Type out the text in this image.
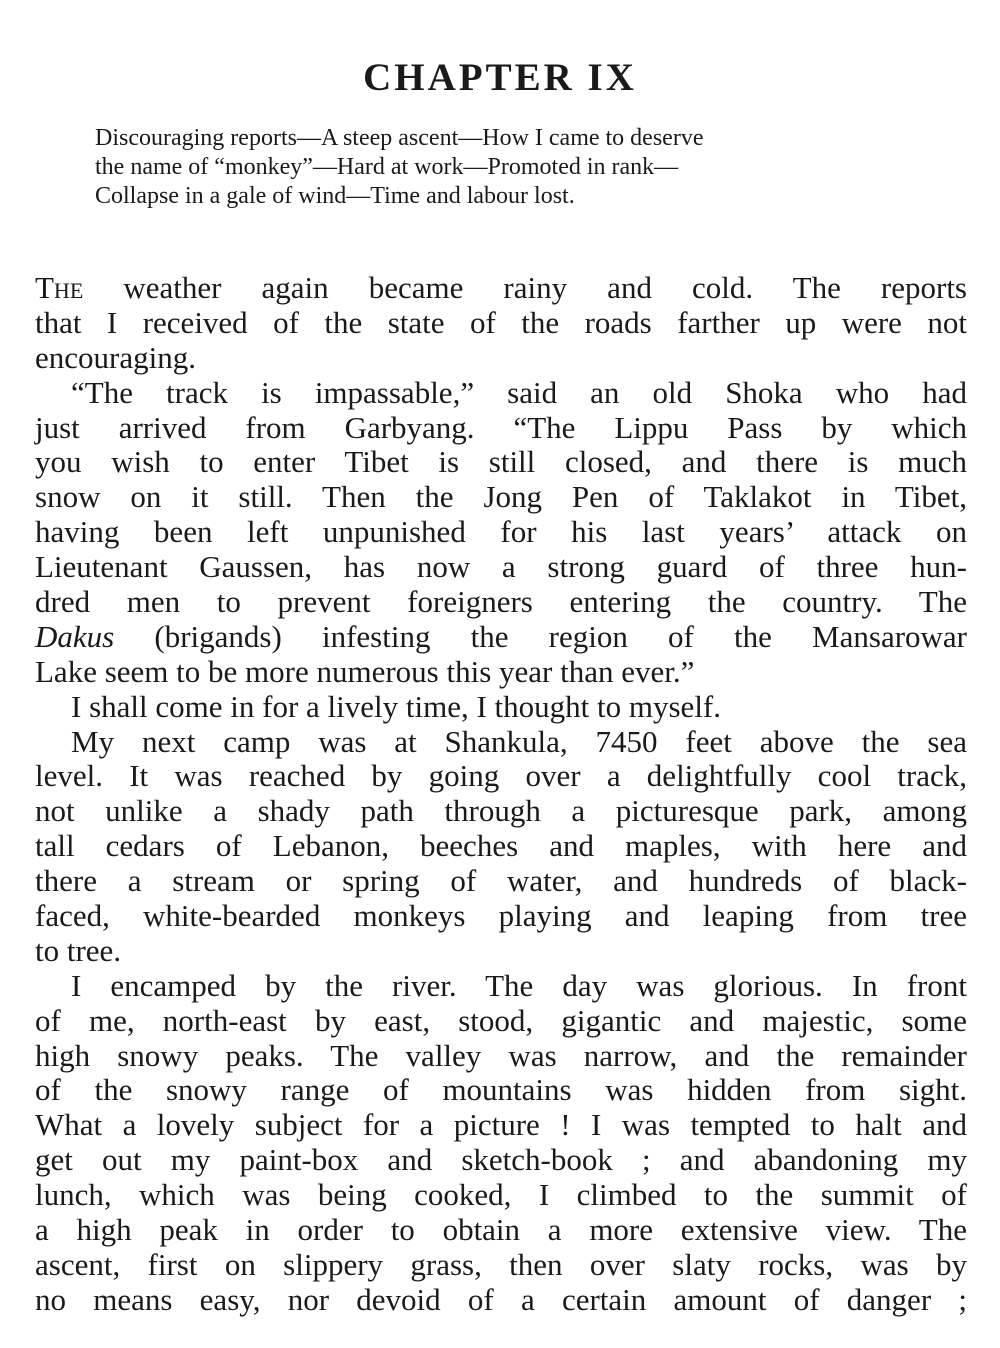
CHAPTER IX
Discouraging reports—A steep ascent—How I came to deserve
the name of “monkey”—Hard at work—Promoted in rank—
Collapse in a gale of wind—Time and labour lost.
The weather again became rainy and cold. The reports
that I received of the state of the roads farther up were not
encouraging.
“The track is impassable,” said an old Shoka who had
just arrived from Garbyang. “The Lippu Pass by which
you wish to enter Tibet is still closed, and there is much
snow on it still. Then the Jong Pen of Taklakot in Tibet,
having been left unpunished for his last years’ attack on
Lieutenant Gaussen, has now a strong guard of three hun-
dred men to prevent foreigners entering the country. The
Dakus (brigands) infesting the region of the Mansarowar
Lake seem to be more numerous this year than ever.”
I shall come in for a lively time, I thought to myself.
My next camp was at Shankula, 7450 feet above the sea
level. It was reached by going over a delightfully cool track,
not unlike a shady path through a picturesque park, among
tall cedars of Lebanon, beeches and maples, with here and
there a stream or spring of water, and hundreds of black-
faced, white-bearded monkeys playing and leaping from tree
to tree.
I encamped by the river. The day was glorious. In front
of me, north-east by east, stood, gigantic and majestic, some
high snowy peaks. The valley was narrow, and the remainder
of the snowy range of mountains was hidden from sight.
What a lovely subject for a picture ! I was tempted to halt and
get out my paint-box and sketch-book ; and abandoning my
lunch, which was being cooked, I climbed to the summit of
a high peak in order to obtain a more extensive view. The
ascent, first on slippery grass, then over slaty rocks, was by
no means easy, nor devoid of a certain amount of danger ;
